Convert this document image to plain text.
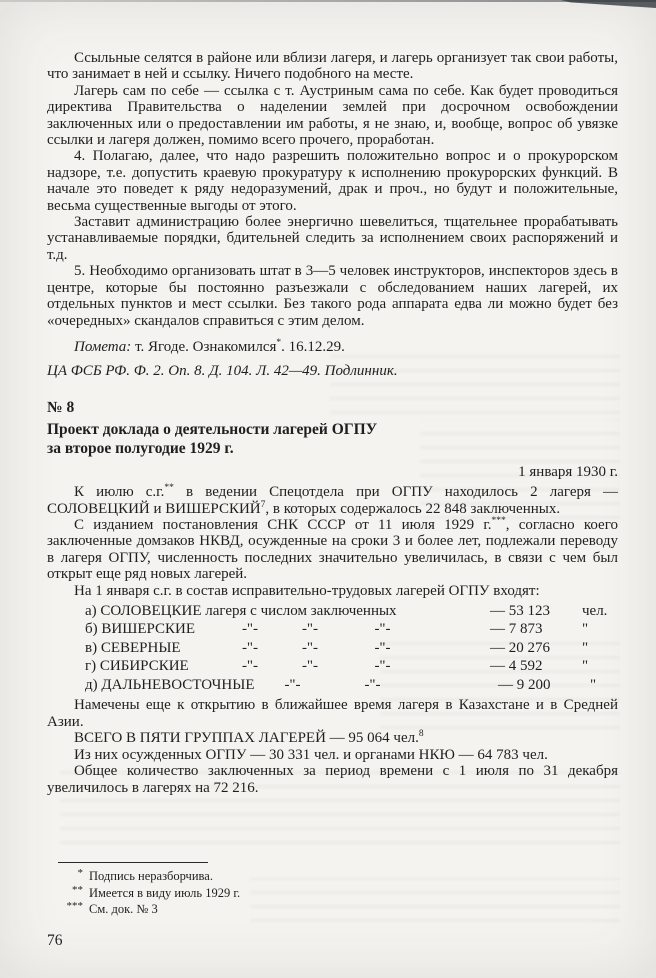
Ссыльные селятся в районе или вблизи лагеря, и лагерь организует так свои работы, что занимает в ней и ссылку. Ничего подобного на месте.

Лагерь сам по себе — ссылка с т. Аустриным сама по себе. Как будет проводиться директива Правительства о наделении землей при досрочном освобождении заключенных или о предоставлении им работы, я не знаю, и, вообще, вопрос об увязке ссылки и лагеря должен, помимо всего прочего, проработан.

4. Полагаю, далее, что надо разрешить положительно вопрос и о прокурорском надзоре, т.е. допустить краевую прокуратуру к исполнению прокурорских функций. В начале это поведет к ряду недоразумений, драк и проч., но будут и положительные, весьма существенные выгоды от этого.

Заставит администрацию более энергично шевелиться, тщательнее прорабатывать устанавливаемые порядки, бдительней следить за исполнением своих распоряжений и т.д.

5. Необходимо организовать штат в 3—5 человек инструкторов, инспекторов здесь в центре, которые бы постоянно разъезжали с обследованием наших лагерей, их отдельных пунктов и мест ссылки. Без такого рода аппарата едва ли можно будет без «очередных» скандалов справиться с этим делом.

Помета: т. Ягоде. Ознакомился*. 16.12.29.

ЦА ФСБ РФ. Ф. 2. Оп. 8. Д. 104. Л. 42—49. Подлинник.

№ 8

Проект доклада о деятельности лагерей ОГПУ
за второе полугодие 1929 г.

1 января 1930 г.

К июлю с.г.** в ведении Спецотдела при ОГПУ находилось 2 лагеря — СОЛОВЕЦКИЙ и ВИШЕРСКИЙ$^7$, в которых содержалось 22 848 заключенных.

С изданием постановления СНК СССР от 11 июля 1929 г.***, согласно коего заключенные домзаков НКВД, осужденные на сроки 3 и более лет, подлежали переводу в лагеря ОГПУ, численность последних значительно увеличилась, в связи с чем был открыт еще ряд новых лагерей.

На 1 января с.г. в состав исправительно-трудовых лагерей ОГПУ входят:

а) СОЛОВЕЦКИЕ лагеря с числом заключенных	— 53 123	чел.
б) ВИШЕРСКИЕ	-"-	-"-	-"-	— 7 873	"
в) СЕВЕРНЫЕ	-"-	-"-	-"-	— 20 276	"
г) СИБИРСКИЕ	-"-	-"-	-"-	— 4 592	"
д) ДАЛЬНЕВОСТОЧНЫЕ	-"-	-"-	— 9 200	"

Намечены еще к открытию в ближайшее время лагеря в Казахстане и в Средней Азии.

ВСЕГО В ПЯТИ ГРУППАХ ЛАГЕРЕЙ — 95 064 чел.$^8$

Из них осужденных ОГПУ — 30 331 чел. и органами НКЮ — 64 783 чел.

Общее количество заключенных за период времени с 1 июля по 31 декабря увеличилось в лагерях на 72 216.

* Подпись неразборчива.
** Имеется в виду июль 1929 г.
*** См. док. № 3
76
